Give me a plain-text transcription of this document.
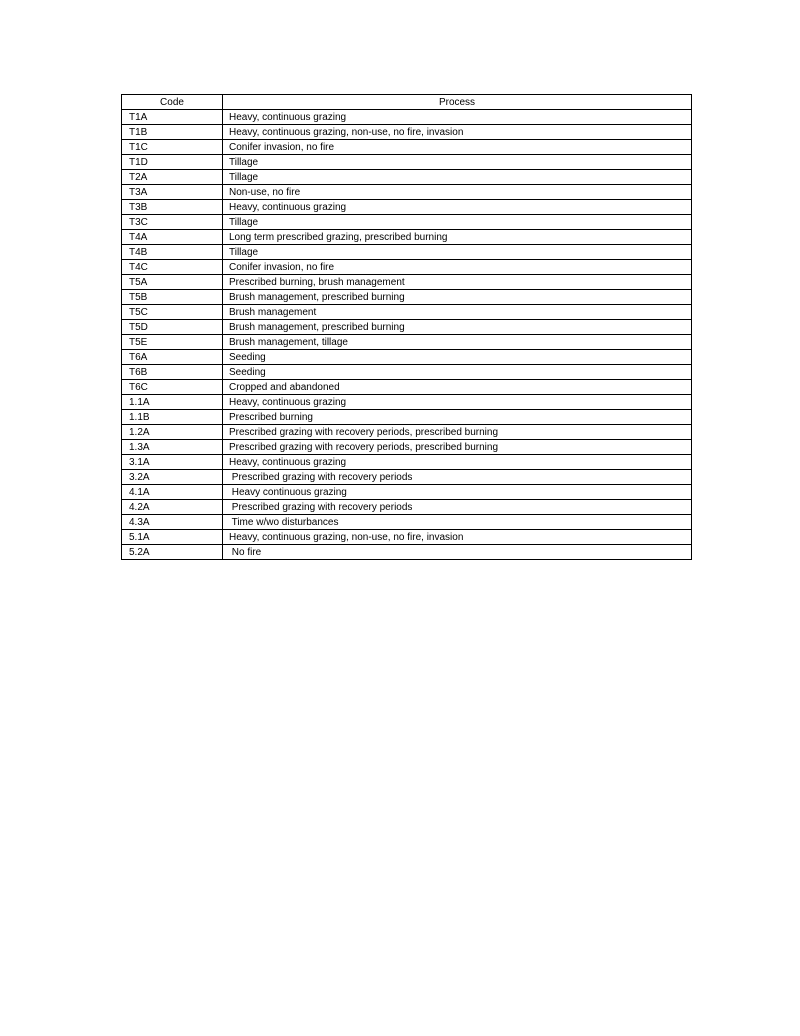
Code	Process
T1A	Heavy, continuous grazing
T1B	Heavy, continuous grazing, non-use, no fire, invasion
T1C	Conifer invasion, no fire
T1D	Tillage
T2A	Tillage
T3A	Non-use, no fire
T3B	Heavy, continuous grazing
T3C	Tillage
T4A	Long term prescribed grazing, prescribed burning
T4B	Tillage
T4C	Conifer invasion, no fire
T5A	Prescribed burning, brush management
T5B	Brush management, prescribed burning
T5C	Brush management
T5D	Brush management, prescribed burning
T5E	Brush management, tillage
T6A	Seeding
T6B	Seeding
T6C	Cropped and abandoned
1.1A	Heavy, continuous grazing
1.1B	Prescribed burning
1.2A	Prescribed grazing with recovery periods, prescribed burning
1.3A	Prescribed grazing with recovery periods, prescribed burning
3.1A	Heavy, continuous grazing
3.2A	Prescribed grazing with recovery periods
4.1A	Heavy continuous grazing
4.2A	Prescribed grazing with recovery periods
4.3A	Time w/wo disturbances
5.1A	Heavy, continuous grazing, non-use, no fire, invasion
5.2A	No fire
